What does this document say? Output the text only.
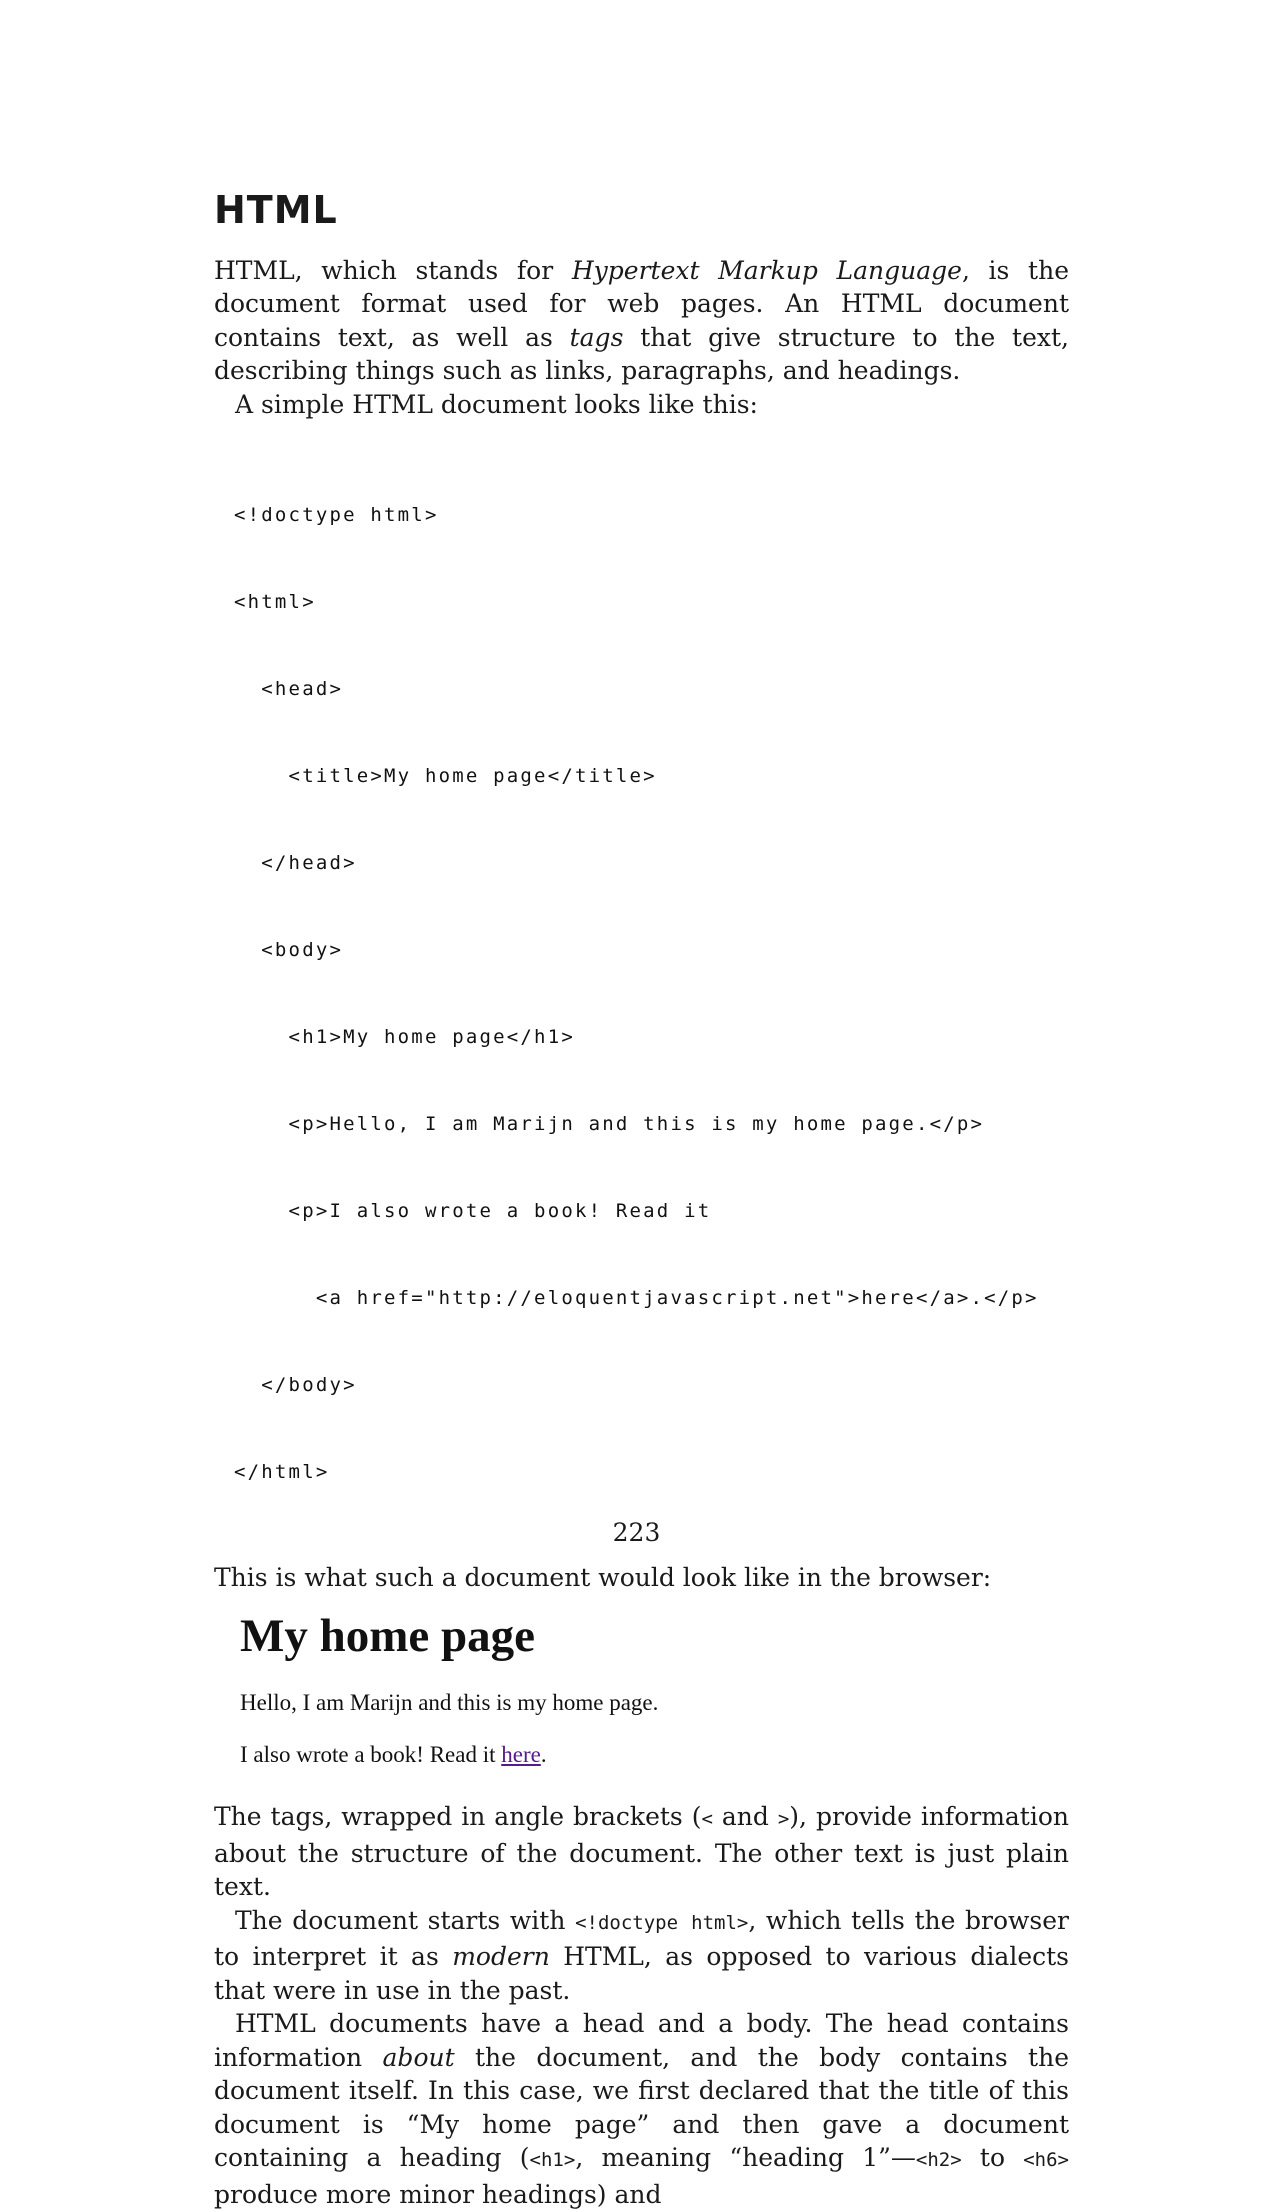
HTML

HTML, which stands for Hypertext Markup Language, is the document format used for web pages. An HTML document contains text, as well as tags that give structure to the text, describing things such as links, paragraphs, and headings.

A simple HTML document looks like this:

<!doctype html>

<html>

<head>

<title>My home page</title>

</head>

<body>

<h1>My home page</h1>

<p>Hello, I am Marijn and this is my home page.</p>

<p>I also wrote a book! Read it

<a href="http://eloquentjavascript.net">here</a>.</p>

</body>

</html>

This is what such a document would look like in the browser:

My home page
Hello, I am Marijn and this is my home page.
I also wrote a book! Read it here.

The tags, wrapped in angle brackets (< and >), provide information about the structure of the document. The other text is just plain text.

The document starts with <!doctype html>, which tells the browser to interpret it as modern HTML, as opposed to various dialects that were in use in the past.

HTML documents have a head and a body. The head contains information about the document, and the body contains the document itself. In this case, we first declared that the title of this document is “My home page” and then gave a document containing a heading (<h1>, meaning “heading 1”—<h2> to <h6> produce more minor headings) and

223
